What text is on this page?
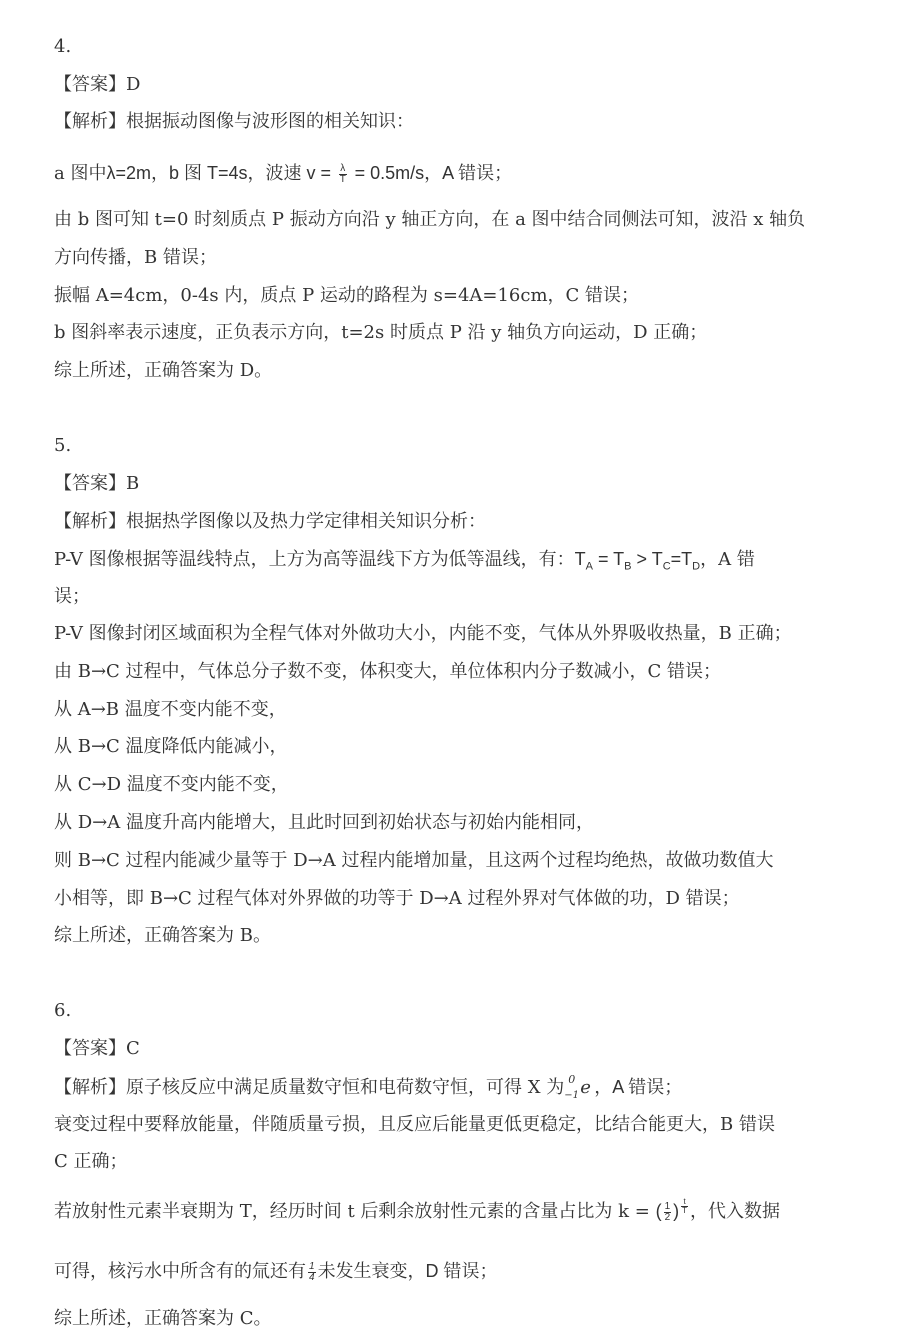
4.
【答案】D
【解析】根据振动图像与波形图的相关知识：
a 图中λ=2m，b 图 T=4s，波速 $v = \frac{\lambda}{T} = 0.5m/s$，A 错误；
由 b 图可知 t=0 时刻质点 P 振动方向沿 y 轴正方向，在 a 图中结合同侧法可知，波沿 x 轴负
方向传播，B 错误；
振幅 A=4cm，0-4s 内，质点 P 运动的路程为 s=4A=16cm，C 错误；
b 图斜率表示速度，正负表示方向，t=2s 时质点 P 沿 y 轴负方向运动，D 正确；
综上所述，正确答案为 D。
5.
【答案】B
【解析】根据热学图像以及热力学定律相关知识分析：
P-V 图像根据等温线特点，上方为高等温线下方为低等温线，有：$T_A = T_B > T_C=T_D$，A 错
误；
P-V 图像封闭区域面积为全程气体对外做功大小，内能不变，气体从外界吸收热量，B 正确；
由 B→C 过程中，气体总分子数不变，体积变大，单位体积内分子数减小，C 错误；
从 A→B 温度不变内能不变，
从 B→C 温度降低内能减小，
从 C→D 温度不变内能不变，
从 D→A 温度升高内能增大，且此时回到初始状态与初始内能相同，
则 B→C 过程内能减少量等于 D→A 过程内能增加量，且这两个过程均绝热，故做功数值大
小相等，即 B→C 过程气体对外界做的功等于 D→A 过程外界对气体做的功，D 错误；
综上所述，正确答案为 B。
6.
【答案】C
【解析】原子核反应中满足质量数守恒和电荷数守恒，可得 X 为 0
−1 e ，A 错误；
衰变过程中要释放能量，伴随质量亏损，且反应后能量更低更稳定，比结合能更大，B 错误
C 正确；
若放射性元素半衰期为 T，经历时间 t 后剩余放射性元素的含量占比为 k = ( $\frac{1}{2}$ ) $\frac{t}{T}$ ，代入数据
可得，核污水中所含有的氚还有 $\frac{1}{4}$ 未发生衰变，D 错误；
综上所述，正确答案为 C。
